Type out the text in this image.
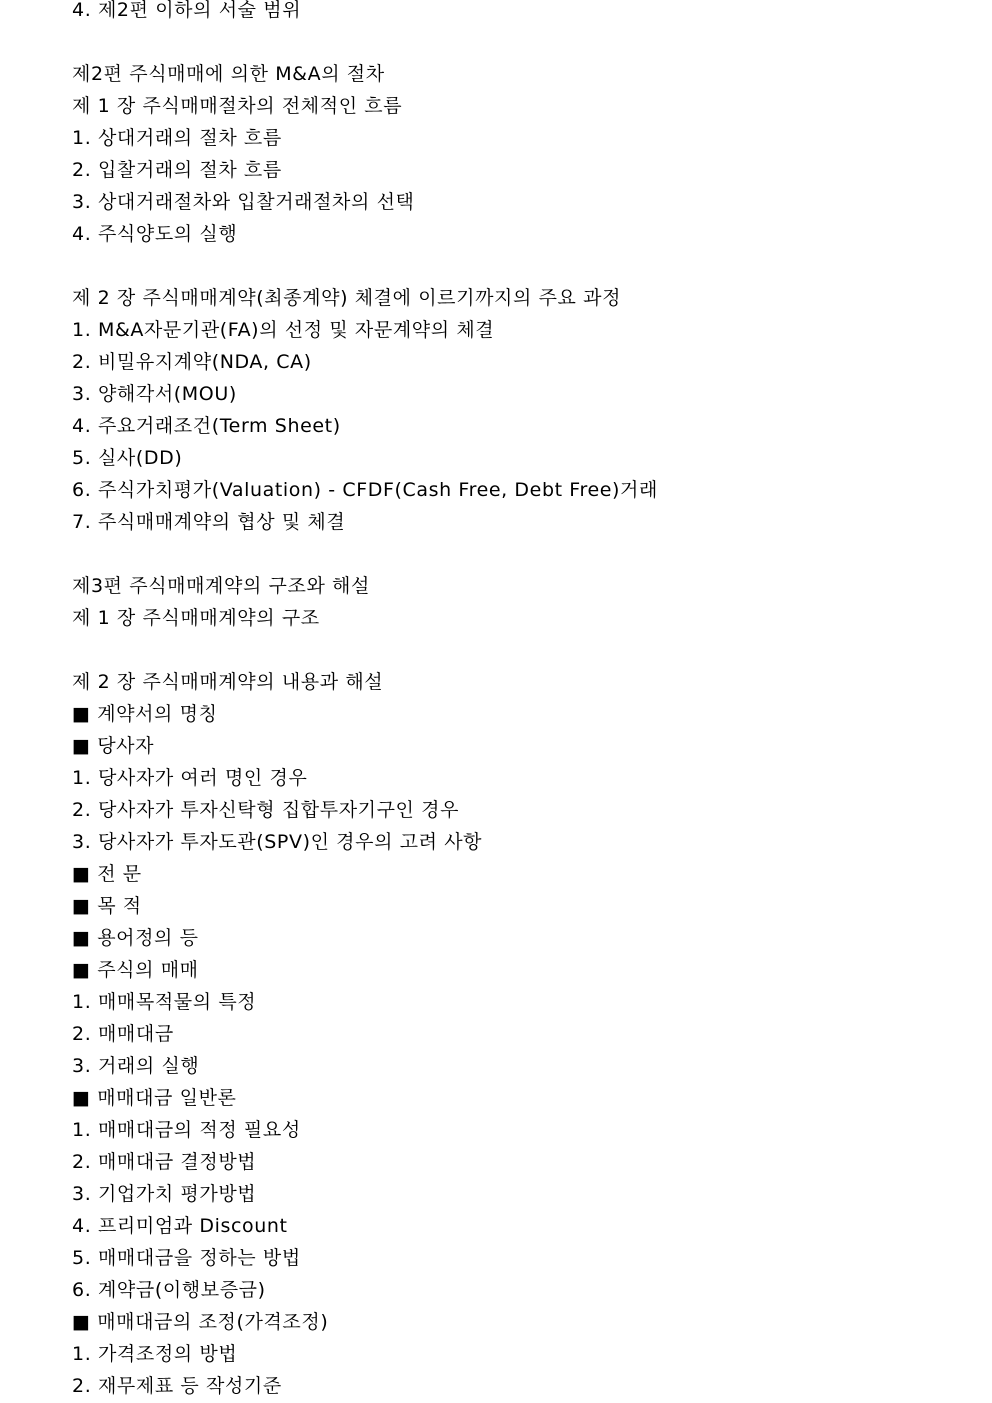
4. 제2편 이하의 서술 범위
제2편 주식매매에 의한 M&A의 절차
제 1 장 주식매매절차의 전체적인 흐름
1. 상대거래의 절차 흐름
2. 입찰거래의 절차 흐름
3. 상대거래절차와 입찰거래절차의 선택
4. 주식양도의 실행
제 2 장 주식매매계약(최종계약) 체결에 이르기까지의 주요 과정
1. M&A자문기관(FA)의 선정 및 자문계약의 체결
2. 비밀유지계약(NDA, CA)
3. 양해각서(MOU)
4. 주요거래조건(Term Sheet)
5. 실사(DD)
6. 주식가치평가(Valuation) - CFDF(Cash Free, Debt Free)거래
7. 주식매매계약의 협상 및 체결
제3편 주식매매계약의 구조와 해설
제 1 장 주식매매계약의 구조
제 2 장 주식매매계약의 내용과 해설
■ 계약서의 명칭
■ 당사자
1. 당사자가 여러 명인 경우
2. 당사자가 투자신탁형 집합투자기구인 경우
3. 당사자가 투자도관(SPV)인 경우의 고려 사항
■ 전 문
■ 목 적
■ 용어정의 등
■ 주식의 매매
1. 매매목적물의 특정
2. 매매대금
3. 거래의 실행
■ 매매대금 일반론
1. 매매대금의 적정 필요성
2. 매매대금 결정방법
3. 기업가치 평가방법
4. 프리미엄과 Discount
5. 매매대금을 정하는 방법
6. 계약금(이행보증금)
■ 매매대금의 조정(가격조정)
1. 가격조정의 방법
2. 재무제표 등 작성기준
